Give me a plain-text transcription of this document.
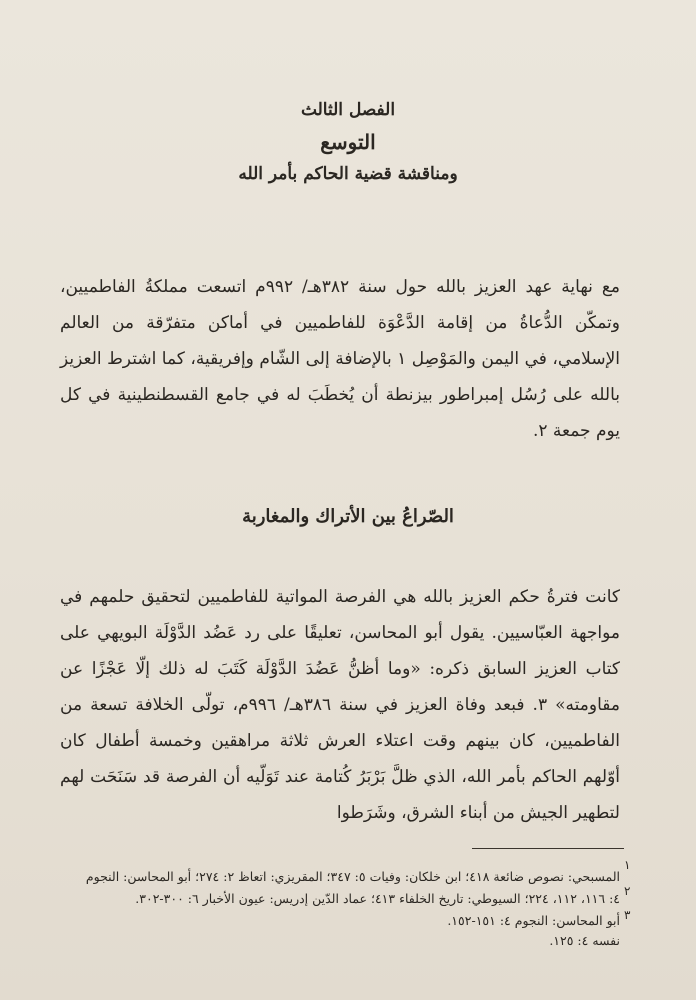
الفصل الثالث
التوسع
ومناقشة قضية الحاكم بأمر الله

مع نهاية عهد العزيز بالله حول سنة ٣٨٢هـ/ ٩٩٢م اتسعت مملكةُ الفاطميين، وتمكّن الدُّعاةُ من إقامة الدَّعْوَة للفاطميين في أماكن متفرّقة من العالم الإسلامي، في اليمن والمَوْصِل ١ بالإضافة إلى الشّام وإفريقية، كما اشترط العزيز بالله على رُسُل إمبراطور بيزنطة أن يُخطَبَ له في جامع القسطنطينية في كل يوم جمعة ٢.

الصّراعُ بين الأتراك والمغاربة

كانت فترةُ حكم العزيز بالله هي الفرصة المواتية للفاطميين لتحقيق حلمهم في مواجهة العبّاسيين. يقول أبو المحاسن، تعليقًا على رد عَضُد الدَّوْلَة البويهي على كتاب العزيز السابق ذكره: «وما أظنُّ عَضُدَ الدَّوْلَة كَتَبَ له ذلك إلّا عَجْزًا عن مقاومته» ٣. فبعد وفاة العزيز في سنة ٣٨٦هـ/ ٩٩٦م، تولّى الخلافة تسعة من الفاطميين، كان بينهم وقت اعتلاء العرش ثلاثة مراهقين وخمسة أطفال كان أوّلهم الحاكم بأمر الله، الذي ظلَّ بَرْبَرُ كُتامة عند تَوَلّيه أن الفرصة قد سَنَحَت لهم لتطهير الجيش من أبناء الشرق، وشَرَطوا

١
٢
٣
المسبحي: نصوص ضائعة ٤١٨؛ ابن خلكان: وفيات ٥: ٣٤٧؛ المقريزي: اتعاظ ٢: ٢٧٤؛ أبو المحاسن: النجوم
٤: ١١٦، ١١٢، ٢٢٤؛ السيوطي: تاريخ الخلفاء ٤١٣؛ عماد الدّين إدريس: عيون الأخبار ٦: ٣٠٠-٣٠٢.
أبو المحاسن: النجوم ٤: ١٥١-١٥٢.
نفسه ٤: ١٢٥.
